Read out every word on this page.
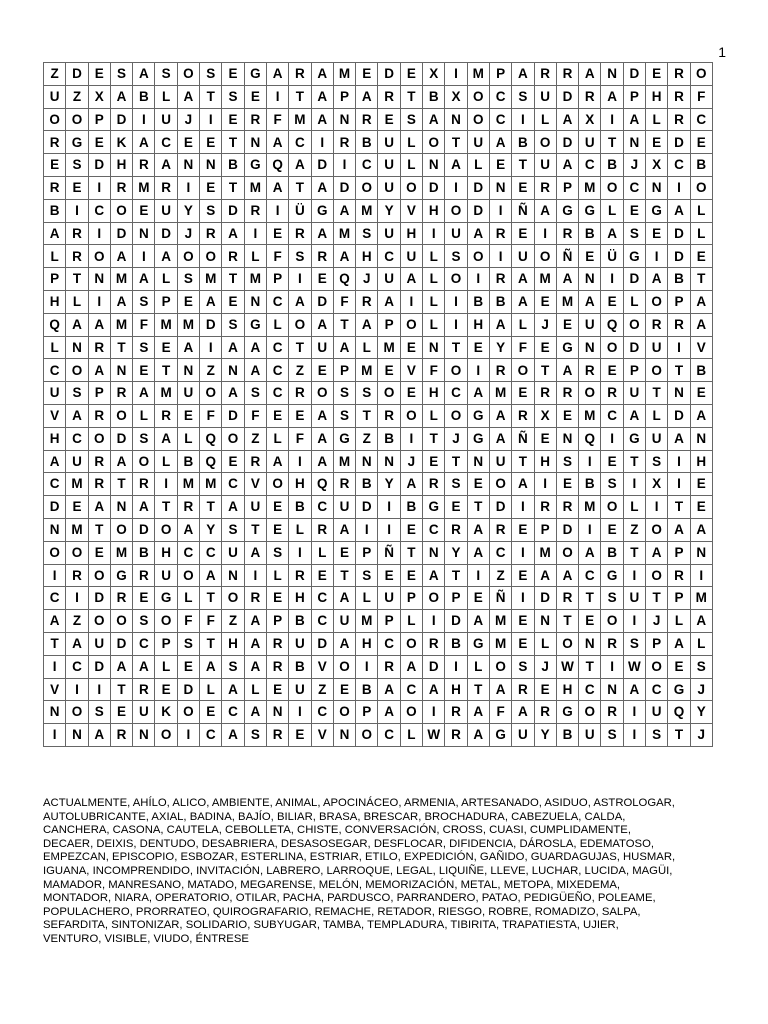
1
Z	D	E	S	A	S	O	S	E	G	A	R	A	M	E	D	E	X	I	M	P	A	R	R	A	N	D	E	R	O
U	Z	X	A	B	L	A	T	S	E	I	T	A	P	A	R	T	B	X	O	C	S	U	D	R	A	P	H	R	F
O	O	P	D	I	U	J	I	E	R	F	M	A	N	R	E	S	A	N	O	C	I	L	A	X	I	A	L	R	C
R	G	E	K	A	C	E	E	T	N	A	C	I	R	B	U	L	O	T	U	A	B	O	D	U	T	N	E	D	E
E	S	D	H	R	A	N	N	B	G	Q	A	D	I	C	U	L	N	A	L	E	T	U	A	C	B	J	X	C	B
R	E	I	R	M	R	I	E	T	M	A	T	A	D	O	U	O	D	I	D	N	E	R	P	M	O	C	N	I	O
B	I	C	O	E	U	Y	S	D	R	I	Ü	G	A	M	Y	V	H	O	D	I	Ñ	A	G	G	L	E	G	A	L
A	R	I	D	N	D	J	R	A	I	E	R	A	M	S	U	H	I	U	A	R	E	I	R	B	A	S	E	D	L
L	R	O	A	I	A	O	O	R	L	F	S	R	A	H	C	U	L	S	O	I	U	O	Ñ	E	Ü	G	I	D	E
P	T	N	M	A	L	S	M	T	M	P	I	E	Q	J	U	A	L	O	I	R	A	M	A	N	I	D	A	B	T
H	L	I	A	S	P	E	A	E	N	C	A	D	F	R	A	I	L	I	B	B	A	E	M	A	E	L	O	P	A
Q	A	A	M	F	M	M	D	S	G	L	O	A	T	A	P	O	L	I	H	A	L	J	E	U	Q	O	R	R	A
L	N	R	T	S	E	A	I	A	A	C	T	U	A	L	M	E	N	T	E	Y	F	E	G	N	O	D	U	I	V
C	O	A	N	E	T	N	Z	N	A	C	Z	E	P	M	E	V	F	O	I	R	O	T	A	R	E	P	O	T	B
U	S	P	R	A	M	U	O	A	S	C	R	O	S	S	O	E	H	C	A	M	E	R	R	O	R	U	T	N	E
V	A	R	O	L	R	E	F	D	F	E	E	A	S	T	R	O	L	O	G	A	R	X	E	M	C	A	L	D	A
H	C	O	D	S	A	L	Q	O	Z	L	F	A	G	Z	B	I	T	J	G	A	Ñ	E	N	Q	I	G	U	A	N
A	U	R	A	O	L	B	Q	E	R	A	I	A	M	N	N	J	E	T	N	U	T	H	S	I	E	T	S	I	H
C	M	R	T	R	I	M	M	C	V	O	H	Q	R	B	Y	A	R	S	E	O	A	I	E	B	S	I	X	I	E
D	E	A	N	A	T	R	T	A	U	E	B	C	U	D	I	B	G	E	T	D	I	R	R	M	O	L	I	T	E
N	M	T	O	D	O	A	Y	S	T	E	L	R	A	I	I	E	C	R	A	R	E	P	D	I	E	Z	O	A	A
O	O	E	M	B	H	C	C	U	A	S	I	L	E	P	Ñ	T	N	Y	A	C	I	M	O	A	B	T	A	P	N
I	R	O	G	R	U	O	A	N	I	L	R	E	T	S	E	E	A	T	I	Z	E	A	A	C	G	I	O	R	I
C	I	D	R	E	G	L	T	O	R	E	H	C	A	L	U	P	O	P	E	Ñ	I	D	R	T	S	U	T	P	M
A	Z	O	O	S	O	F	F	Z	A	P	B	C	U	M	P	L	I	D	A	M	E	N	T	E	O	I	J	L	A
T	A	U	D	C	P	S	T	H	A	R	U	D	A	H	C	O	R	B	G	M	E	L	O	N	R	S	P	A	L
I	C	D	A	A	L	E	A	S	A	R	B	V	O	I	R	A	D	I	L	O	S	J	W	T	I	W	O	E	S
V	I	I	T	R	E	D	L	A	L	E	U	Z	E	B	A	C	A	H	T	A	R	E	H	C	N	A	C	G	J
N	O	S	E	U	K	O	E	C	A	N	I	C	O	P	A	O	I	R	A	F	A	R	G	O	R	I	U	Q	Y
I	N	A	R	N	O	I	C	A	S	R	E	V	N	O	C	L	W	R	A	G	U	Y	B	U	S	I	S	T	J
ACTUALMENTE, AHÍLO, ALICO, AMBIENTE, ANIMAL, APOCINÁCEO, ARMENIA, ARTESANADO, ASIDUO, ASTROLOGAR,
AUTOLUBRICANTE, AXIAL, BADINA, BAJÍO, BILIAR, BRASA, BRESCAR, BROCHADURA, CABEZUELA, CALDA,
CANCHERA, CASONA, CAUTELA, CEBOLLETA, CHISTE, CONVERSACIÓN, CROSS, CUASI, CUMPLIDAMENTE,
DECAER, DEIXIS, DENTUDO, DESABRIERA, DESASOSEGAR, DESFLOCAR, DIFIDENCIA, DÁROSLA, EDEMATOSO,
EMPEZCAN, EPISCOPIO, ESBOZAR, ESTERLINA, ESTRIAR, ETILO, EXPEDICIÓN, GAÑIDO, GUARDAGUJAS, HUSMAR,
IGUANA, INCOMPRENDIDO, INVITACIÓN, LABRERO, LARROQUE, LEGAL, LIQUIÑE, LLEVE, LUCHAR, LUCIDA, MAGÜI,
MAMADOR, MANRESANO, MATADO, MEGARENSE, MELÓN, MEMORIZACIÓN, METAL, METOPA, MIXEDEMA,
MONTADOR, NIARA, OPERATORIO, OTILAR, PACHA, PARDUSCO, PARRANDERO, PATAO, PEDIGÜEÑO, POLEAME,
POPULACHERO, PRORRATEO, QUIROGRAFARIO, REMACHE, RETADOR, RIESGO, ROBRE, ROMADIZO, SALPA,
SEFARDITA, SINTONIZAR, SOLIDARIO, SUBYUGAR, TAMBA, TEMPLADURA, TIBIRITA, TRAPATIESTA, UJIER,
VENTURO, VISIBLE, VIUDO, ÉNTRESE
